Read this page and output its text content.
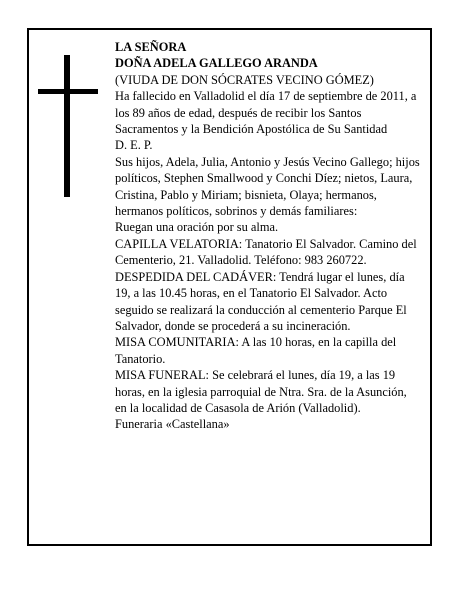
LA SEÑORA

DOÑA ADELA GALLEGO ARANDA

(VIUDA DE DON SÓCRATES VECINO GÓMEZ)

Ha fallecido en Valladolid el día 17 de septiembre de 2011, a los 89 años de edad, después de recibir los Santos Sacramentos y la Bendición Apostólica de Su Santidad

D. E. P.

Sus hijos, Adela, Julia, Antonio y Jesús Vecino Gallego; hijos políticos, Stephen Smallwood y Conchi Díez; nietos, Laura, Cristina, Pablo y Miriam; bisnieta, Olaya; hermanos, hermanos políticos, sobrinos y demás familiares:

Ruegan una oración por su alma.

CAPILLA VELATORIA: Tanatorio El Salvador. Camino del Cementerio, 21. Valladolid. Teléfono: 983 260722.

DESPEDIDA DEL CADÁVER: Tendrá lugar el lunes, día 19, a las 10.45 horas, en el Tanatorio El Salvador. Acto seguido se realizará la conducción al cementerio Parque El Salvador, donde se procederá a su incineración.

MISA COMUNITARIA: A las 10 horas, en la capilla del Tanatorio.

MISA FUNERAL: Se celebrará el lunes, día 19, a las 19 horas, en la iglesia parroquial de Ntra. Sra. de la Asunción, en la localidad de Casasola de Arión (Valladolid).

Funeraria «Castellana»
